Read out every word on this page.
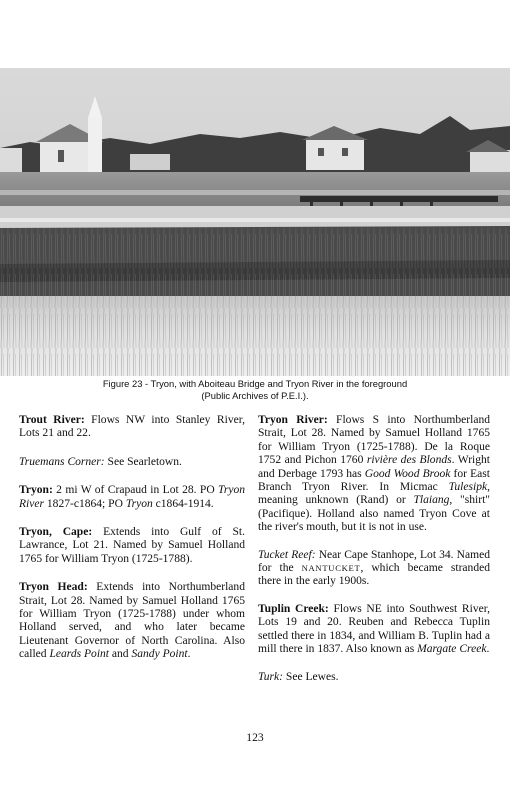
Figure 23 - Tryon, with Aboiteau Bridge and Tryon River in the foreground
(Public Archives of P.E.I.).

Trout River: Flows NW into Stanley River, Lots 21 and 22.

Truemans Corner: See Searletown.

Tryon: 2 mi W of Crapaud in Lot 28. PO Tryon River 1827-c1864; PO Tryon c1864-1914.

Tryon, Cape: Extends into Gulf of St. Lawrance, Lot 21. Named by Samuel Holland 1765 for William Tryon (1725-1788).

Tryon Head: Extends into Northumberland Strait, Lot 28. Named by Samuel Holland 1765 for William Tryon (1725-1788) under whom Holland served, and who later became Lieutenant Governor of North Carolina. Also called Leards Point and Sandy Point.

Tryon River: Flows S into Northumberland Strait, Lot 28. Named by Samuel Holland 1765 for William Tryon (1725-1788). De la Roque 1752 and Pichon 1760 rivière des Blonds. Wright and Derbage 1793 has Good Wood Brook for East Branch Tryon River. In Micmac Tulesipk, meaning unknown (Rand) or Tlaiang, "shirt" (Pacifique). Holland also named Tryon Cove at the river's mouth, but it is not in use.

Tucket Reef: Near Cape Stanhope, Lot 34. Named for the NANTUCKET, which became stranded there in the early 1900s.

Tuplin Creek: Flows NE into Southwest River, Lots 19 and 20. Reuben and Rebecca Tuplin settled there in 1834, and William B. Tuplin had a mill there in 1837. Also known as Margate Creek.

Turk: See Lewes.

123
